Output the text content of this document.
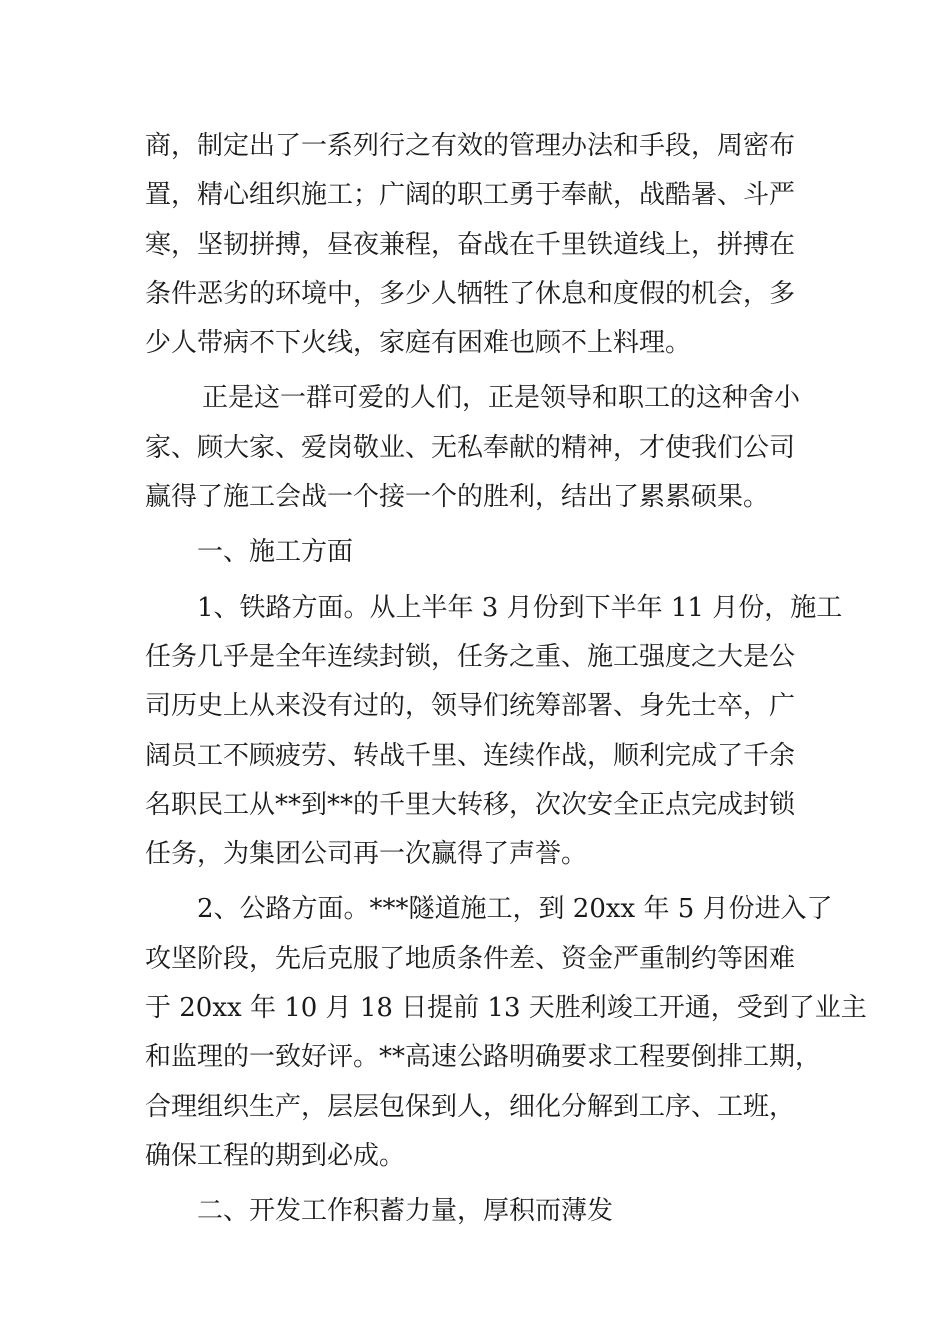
商，制定出了一系列行之有效的管理办法和手段，周密布
置，精心组织施工；广阔的职工勇于奉献，战酷暑、斗严
寒，坚韧拼搏，昼夜兼程，奋战在千里铁道线上，拼搏在
条件恶劣的环境中，多少人牺牲了休息和度假的机会，多
少人带病不下火线，家庭有困难也顾不上料理。
正是这一群可爱的人们，正是领导和职工的这种舍小
家、顾大家、爱岗敬业、无私奉献的精神，才使我们公司
赢得了施工会战一个接一个的胜利，结出了累累硕果。
一、施工方面
1、铁路方面。从上半年 3 月份到下半年 11 月份，施工
任务几乎是全年连续封锁，任务之重、施工强度之大是公
司历史上从来没有过的，领导们统筹部署、身先士卒，广
阔员工不顾疲劳、转战千里、连续作战，顺利完成了千余
名职民工从**到**的千里大转移，次次安全正点完成封锁
任务，为集团公司再一次赢得了声誉。
2、公路方面。***隧道施工，到 20xx 年 5 月份进入了
攻坚阶段，先后克服了地质条件差、资金严重制约等困难
于 20xx 年 10 月 18 日提前 13 天胜利竣工开通，受到了业主
和监理的一致好评。**高速公路明确要求工程要倒排工期，
合理组织生产，层层包保到人，细化分解到工序、工班，
确保工程的期到必成。
二、开发工作积蓄力量，厚积而薄发
